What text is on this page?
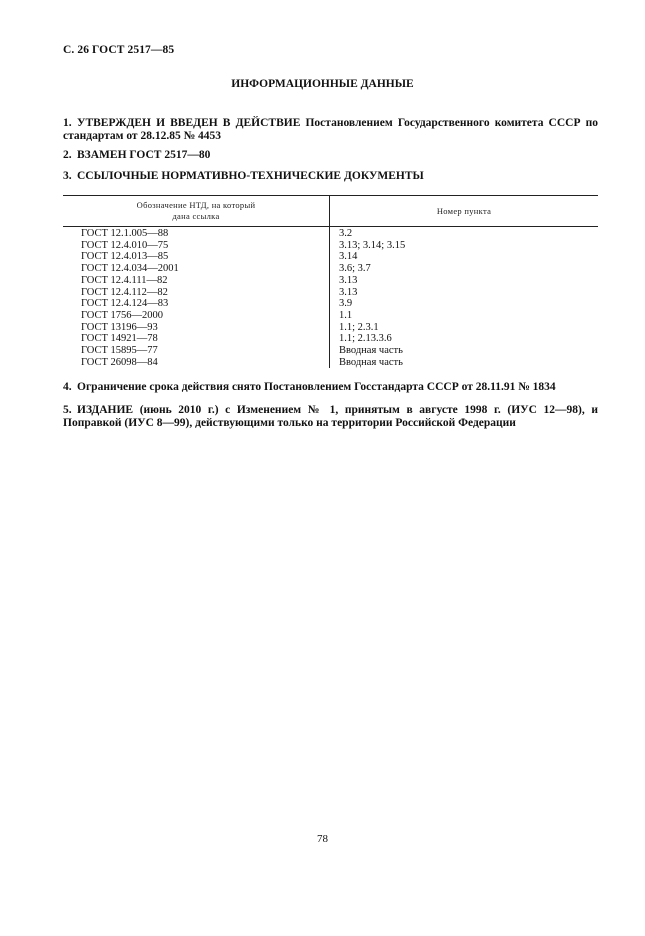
С. 26 ГОСТ 2517—85
ИНФОРМАЦИОННЫЕ ДАННЫЕ
1. УТВЕРЖДЕН И ВВЕДЕН В ДЕЙСТВИЕ Постановлением Государственного комитета СССР по стандартам от 28.12.85 № 4453
2. ВЗАМЕН ГОСТ 2517—80
3. ССЫЛОЧНЫЕ НОРМАТИВНО-ТЕХНИЧЕСКИЕ ДОКУМЕНТЫ
Обозначение НТД, на который
дана ссылка	Номер пункта
ГОСТ 12.1.005—88	3.2
ГОСТ 12.4.010—75	3.13; 3.14; 3.15
ГОСТ 12.4.013—85	3.14
ГОСТ 12.4.034—2001	3.6; 3.7
ГОСТ 12.4.111—82	3.13
ГОСТ 12.4.112—82	3.13
ГОСТ 12.4.124—83	3.9
ГОСТ 1756—2000	1.1
ГОСТ 13196—93	1.1; 2.3.1
ГОСТ 14921—78	1.1; 2.13.3.6
ГОСТ 15895—77	Вводная часть
ГОСТ 26098—84	Вводная часть
4. Ограничение срока действия снято Постановлением Госстандарта СССР от 28.11.91 № 1834
5. ИЗДАНИЕ (июнь 2010 г.) с Изменением № 1, принятым в августе 1998 г. (ИУС 12—98), и Поправкой (ИУС 8—99), действующими только на территории Российской Федерации
78
